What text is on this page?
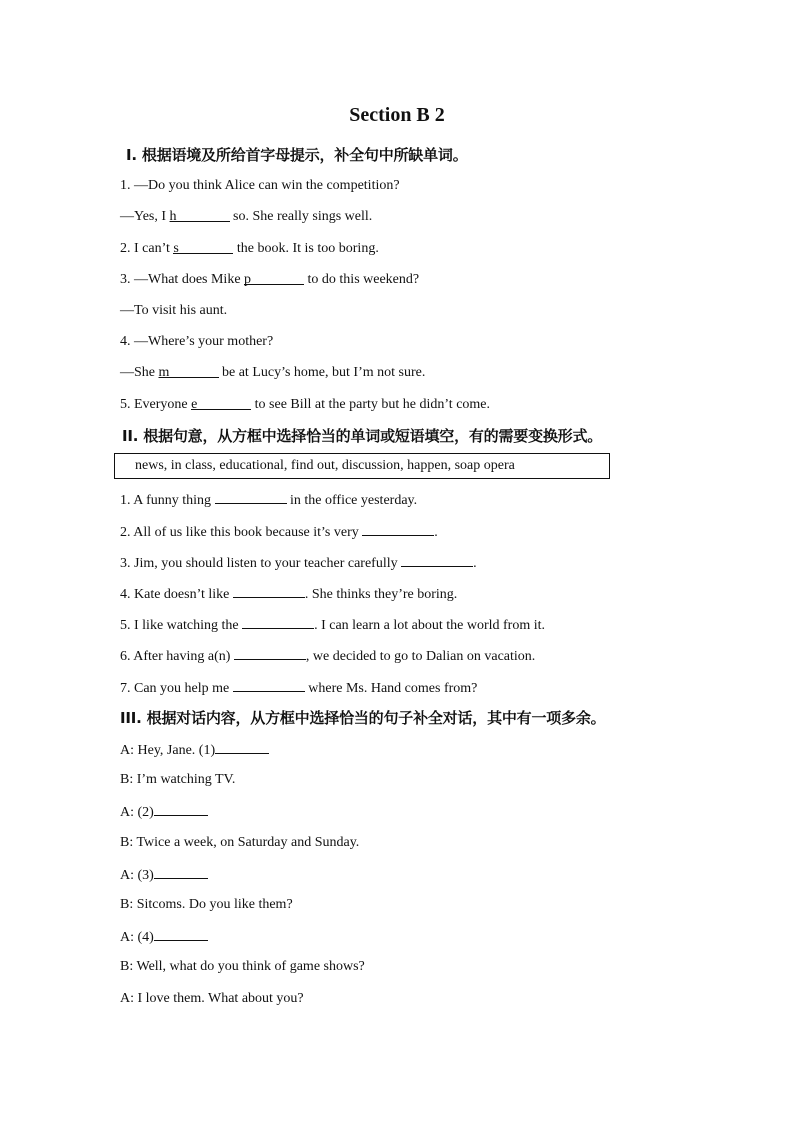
Section B 2
Ⅰ. 根据语境及所给首字母提示，补全句中所缺单词。
1. —Do you think Alice can win the competition?
—Yes, I h	so. She really sings well.
2. I can’t s	the book. It is too boring.
3. —What does Mike p	to do this weekend?
—To visit his aunt.
4. —Where’s your mother?
—She m	be at Lucy’s home, but I’m not sure.
5. Everyone e	to see Bill at the party but he didn’t come.
II. 根据句意，从方框中选择恰当的单词或短语填空，有的需要变换形式。
news, in class, educational, find out, discussion, happen, soap opera
1. A funny thing	in the office yesterday.
2. All of us like this book because it’s very	.
3. Jim, you should listen to your teacher carefully	.
4. Kate doesn’t like	. She thinks they’re boring.
5. I like watching the	. I can learn a lot about the world from it.
6. After having a(n)	, we decided to go to Dalian on vacation.
7. Can you help me	where Ms. Hand comes from?
III. 根据对话内容，从方框中选择恰当的句子补全对话，其中有一项多余。
A: Hey, Jane. (1)
B: I’m watching TV.
A: (2)
B: Twice a week, on Saturday and Sunday.
A: (3)
B: Sitcoms. Do you like them?
A: (4)
B: Well, what do you think of game shows?
A: I love them. What about you?
